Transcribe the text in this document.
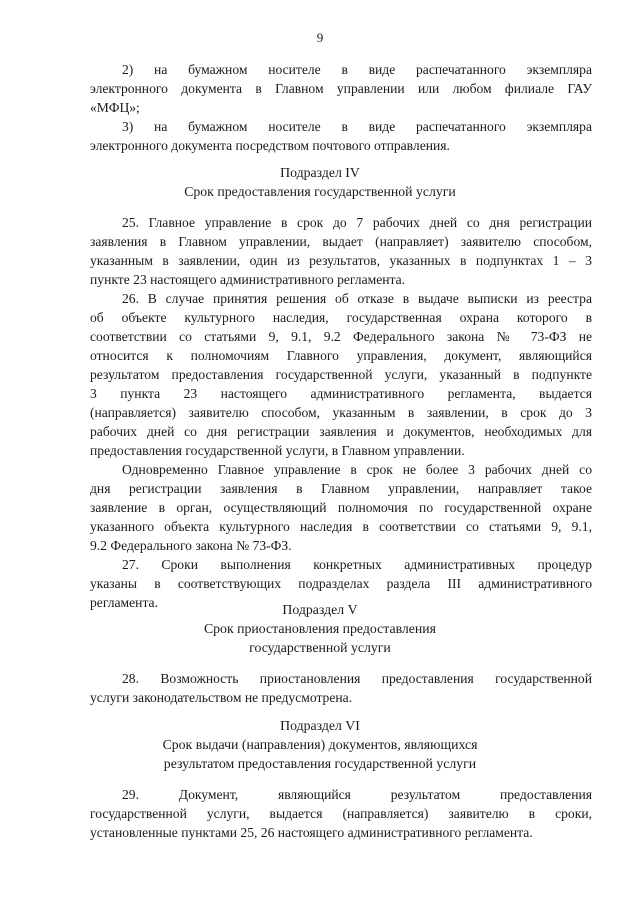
9
2) на бумажном носителе в виде распечатанного экземпляра
электронного документа в Главном управлении или любом филиале ГАУ
«МФЦ»;
3) на бумажном носителе в виде распечатанного экземпляра
электронного документа посредством почтового отправления.
Подраздел IV
Срок предоставления государственной услуги
25. Главное управление в срок до 7 рабочих дней со дня регистрации
заявления в Главном управлении, выдает (направляет) заявителю способом,
указанным в заявлении, один из результатов, указанных в подпунктах 1 – 3
пункте 23 настоящего административного регламента.
26. В случае принятия решения об отказе в выдаче выписки из реестра
об объекте культурного наследия, государственная охрана которого в
соответствии со статьями 9, 9.1, 9.2 Федерального закона № 73-ФЗ не
относится к полномочиям Главного управления, документ, являющийся
результатом предоставления государственной услуги, указанный в подпункте
3 пункта 23 настоящего административного регламента, выдается
(направляется) заявителю способом, указанным в заявлении, в срок до 3
рабочих дней со дня регистрации заявления и документов, необходимых для
предоставления государственной услуги, в Главном управлении.
Одновременно Главное управление в срок не более 3 рабочих дней со
дня регистрации заявления в Главном управлении, направляет такое
заявление в орган, осуществляющий полномочия по государственной охране
указанного объекта культурного наследия в соответствии со статьями 9, 9.1,
9.2 Федерального закона № 73-ФЗ.
27. Сроки выполнения конкретных административных процедур
указаны в соответствующих подразделах раздела III административного
регламента.	Подраздел V
Срок приостановления предоставления
государственной услуги
28. Возможность приостановления предоставления государственной
услуги законодательством не предусмотрена.
Подраздел VI
Срок выдачи (направления) документов, являющихся
результатом предоставления государственной услуги
29. Документ, являющийся результатом предоставления
государственной услуги, выдается (направляется) заявителю в сроки,
установленные пунктами 25, 26 настоящего административного регламента.
